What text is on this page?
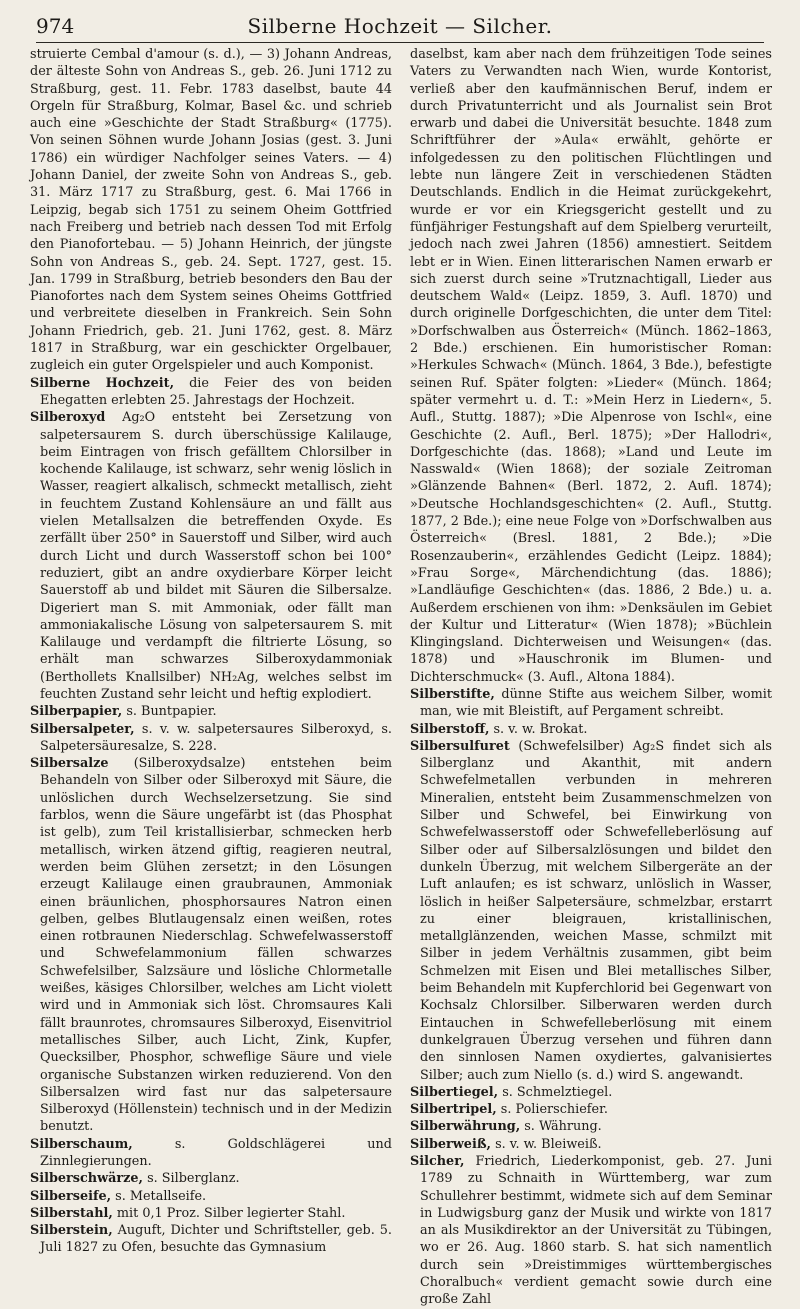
974	Silberne Hochzeit — Silcher.

struierte Cembal d'amour (s. d.), — 3) Johann Andreas, der älteste Sohn von Andreas S., geb. 26. Juni 1712 zu Straßburg, gest. 11. Febr. 1783 daselbst, baute 44 Orgeln für Straßburg, Kolmar, Basel &c. und schrieb auch eine »Geschichte der Stadt Straßburg« (1775). Von seinen Söhnen wurde Johann Josias (gest. 3. Juni 1786) ein würdiger Nachfolger seines Vaters. — 4) Johann Daniel, der zweite Sohn von Andreas S., geb. 31. März 1717 zu Straßburg, gest. 6. Mai 1766 in Leipzig, begab sich 1751 zu seinem Oheim Gottfried nach Freiberg und betrieb nach dessen Tod mit Erfolg den Pianofortebau. — 5) Johann Heinrich, der jüngste Sohn von Andreas S., geb. 24. Sept. 1727, gest. 15. Jan. 1799 in Straßburg, betrieb besonders den Bau der Pianofortes nach dem System seines Oheims Gottfried und verbreitete dieselben in Frankreich. Sein Sohn Johann Friedrich, geb. 21. Juni 1762, gest. 8. März 1817 in Straßburg, war ein geschickter Orgelbauer, zugleich ein guter Orgelspieler und auch Komponist.

Silberne Hochzeit, die Feier des von beiden Ehegatten erlebten 25. Jahrestags der Hochzeit.

Silberoxyd Ag₂O entsteht bei Zersetzung von salpetersaurem S. durch überschüssige Kalilauge, beim Eintragen von frisch gefälltem Chlorsilber in kochende Kalilauge, ist schwarz, sehr wenig löslich in Wasser, reagiert alkalisch, schmeckt metallisch, zieht in feuchtem Zustand Kohlensäure an und fällt aus vielen Metallsalzen die betreffenden Oxyde. Es zerfällt über 250° in Sauerstoff und Silber, wird auch durch Licht und durch Wasserstoff schon bei 100° reduziert, gibt an andre oxydierbare Körper leicht Sauerstoff ab und bildet mit Säuren die Silbersalze. Digeriert man S. mit Ammoniak, oder fällt man ammoniakalische Lösung von salpetersaurem S. mit Kalilauge und verdampft die filtrierte Lösung, so erhält man schwarzes Silberoxydammoniak (Berthollets Knallsilber) NH₂Ag, welches selbst im feuchten Zustand sehr leicht und heftig explodiert.

Silberpapier, s. Buntpapier.

Silbersalpeter, s. v. w. salpetersaures Silberoxyd, s. Salpetersäuresalze, S. 228.

Silbersalze (Silberoxydsalze) entstehen beim Behandeln von Silber oder Silberoxyd mit Säure, die unlöslichen durch Wechselzersetzung. Sie sind farblos, wenn die Säure ungefärbt ist (das Phosphat ist gelb), zum Teil kristallisierbar, schmecken herb metallisch, wirken ätzend giftig, reagieren neutral, werden beim Glühen zersetzt; in den Lösungen erzeugt Kalilauge einen graubraunen, Ammoniak einen bräunlichen, phosphorsaures Natron einen gelben, gelbes Blutlaugensalz einen weißen, rotes einen rotbraunen Niederschlag. Schwefelwasserstoff und Schwefelammonium fällen schwarzes Schwefelsilber, Salzsäure und lösliche Chlormetalle weißes, käsiges Chlorsilber, welches am Licht violett wird und in Ammoniak sich löst. Chromsaures Kali fällt braunrotes, chromsaures Silberoxyd, Eisenvitriol metallisches Silber, auch Licht, Zink, Kupfer, Quecksilber, Phosphor, schweflige Säure und viele organische Substanzen wirken reduzierend. Von den Silbersalzen wird fast nur das salpetersaure Silberoxyd (Höllenstein) technisch und in der Medizin benutzt.

Silberschaum, s. Goldschlägerei und Zinnlegierungen.

Silberschwärze, s. Silberglanz.

Silberseife, s. Metallseife.

Silberstahl, mit 0,1 Proz. Silber legierter Stahl.

Silberstein, Auguft, Dichter und Schriftsteller, geb. 5. Juli 1827 zu Ofen, besuchte das Gymnasium

daselbst, kam aber nach dem frühzeitigen Tode seines Vaters zu Verwandten nach Wien, wurde Kontorist, verließ aber den kaufmännischen Beruf, indem er durch Privatunterricht und als Journalist sein Brot erwarb und dabei die Universität besuchte. 1848 zum Schriftführer der »Aula« erwählt, gehörte er infolgedessen zu den politischen Flüchtlingen und lebte nun längere Zeit in verschiedenen Städten Deutschlands. Endlich in die Heimat zurückgekehrt, wurde er vor ein Kriegsgericht gestellt und zu fünfjähriger Festungshaft auf dem Spielberg verurteilt, jedoch nach zwei Jahren (1856) amnestiert. Seitdem lebt er in Wien. Einen litterarischen Namen erwarb er sich zuerst durch seine »Trutznachtigall, Lieder aus deutschem Wald« (Leipz. 1859, 3. Aufl. 1870) und durch originelle Dorfgeschichten, die unter dem Titel: »Dorfschwalben aus Österreich« (Münch. 1862–1863, 2 Bde.) erschienen. Ein humoristischer Roman: »Herkules Schwach« (Münch. 1864, 3 Bde.), befestigte seinen Ruf. Später folgten: »Lieder« (Münch. 1864; später vermehrt u. d. T.: »Mein Herz in Liedern«, 5. Aufl., Stuttg. 1887); »Die Alpenrose von Ischl«, eine Geschichte (2. Aufl., Berl. 1875); »Der Hallodri«, Dorfgeschichte (das. 1868); »Land und Leute im Nasswald« (Wien 1868); der soziale Zeitroman »Glänzende Bahnen« (Berl. 1872, 2. Aufl. 1874); »Deutsche Hochlandsgeschichten« (2. Aufl., Stuttg. 1877, 2 Bde.); eine neue Folge von »Dorfschwalben aus Österreich« (Bresl. 1881, 2 Bde.); »Die Rosenzauberin«, erzählendes Gedicht (Leipz. 1884); »Frau Sorge«, Märchendichtung (das. 1886); »Landläufige Geschichten« (das. 1886, 2 Bde.) u. a. Außerdem erschienen von ihm: »Denksäulen im Gebiet der Kultur und Litteratur« (Wien 1878); »Büchlein Klingingsland. Dichterweisen und Weisungen« (das. 1878) und »Hauschronik im Blumen- und Dichterschmuck« (3. Aufl., Altona 1884).

Silberstifte, dünne Stifte aus weichem Silber, womit man, wie mit Bleistift, auf Pergament schreibt.

Silberstoff, s. v. w. Brokat.

Silbersulfuret (Schwefelsilber) Ag₂S findet sich als Silberglanz und Akanthit, mit andern Schwefelmetallen verbunden in mehreren Mineralien, entsteht beim Zusammenschmelzen von Silber und Schwefel, bei Einwirkung von Schwefelwasserstoff oder Schwefelleberlösung auf Silber oder auf Silbersalzlösungen und bildet den dunkeln Überzug, mit welchem Silbergeräte an der Luft anlaufen; es ist schwarz, unlöslich in Wasser, löslich in heißer Salpetersäure, schmelzbar, erstarrt zu einer bleigrauen, kristallinischen, metallglänzenden, weichen Masse, schmilzt mit Silber in jedem Verhältnis zusammen, gibt beim Schmelzen mit Eisen und Blei metallisches Silber, beim Behandeln mit Kupferchlorid bei Gegenwart von Kochsalz Chlorsilber. Silberwaren werden durch Eintauchen in Schwefelleberlösung mit einem dunkelgrauen Überzug versehen und führen dann den sinnlosen Namen oxydiertes, galvanisiertes Silber; auch zum Niello (s. d.) wird S. angewandt.

Silbertiegel, s. Schmelztiegel.

Silbertripel, s. Polierschiefer.

Silberwährung, s. Währung.

Silberweiß, s. v. w. Bleiweiß.

Silcher, Friedrich, Liederkomponist, geb. 27. Juni 1789 zu Schnaith in Württemberg, war zum Schullehrer bestimmt, widmete sich auf dem Seminar in Ludwigsburg ganz der Musik und wirkte von 1817 an als Musikdirektor an der Universität zu Tübingen, wo er 26. Aug. 1860 starb. S. hat sich namentlich durch sein »Dreistimmiges württembergisches Choralbuch« verdient gemacht sowie durch eine große Zahl
